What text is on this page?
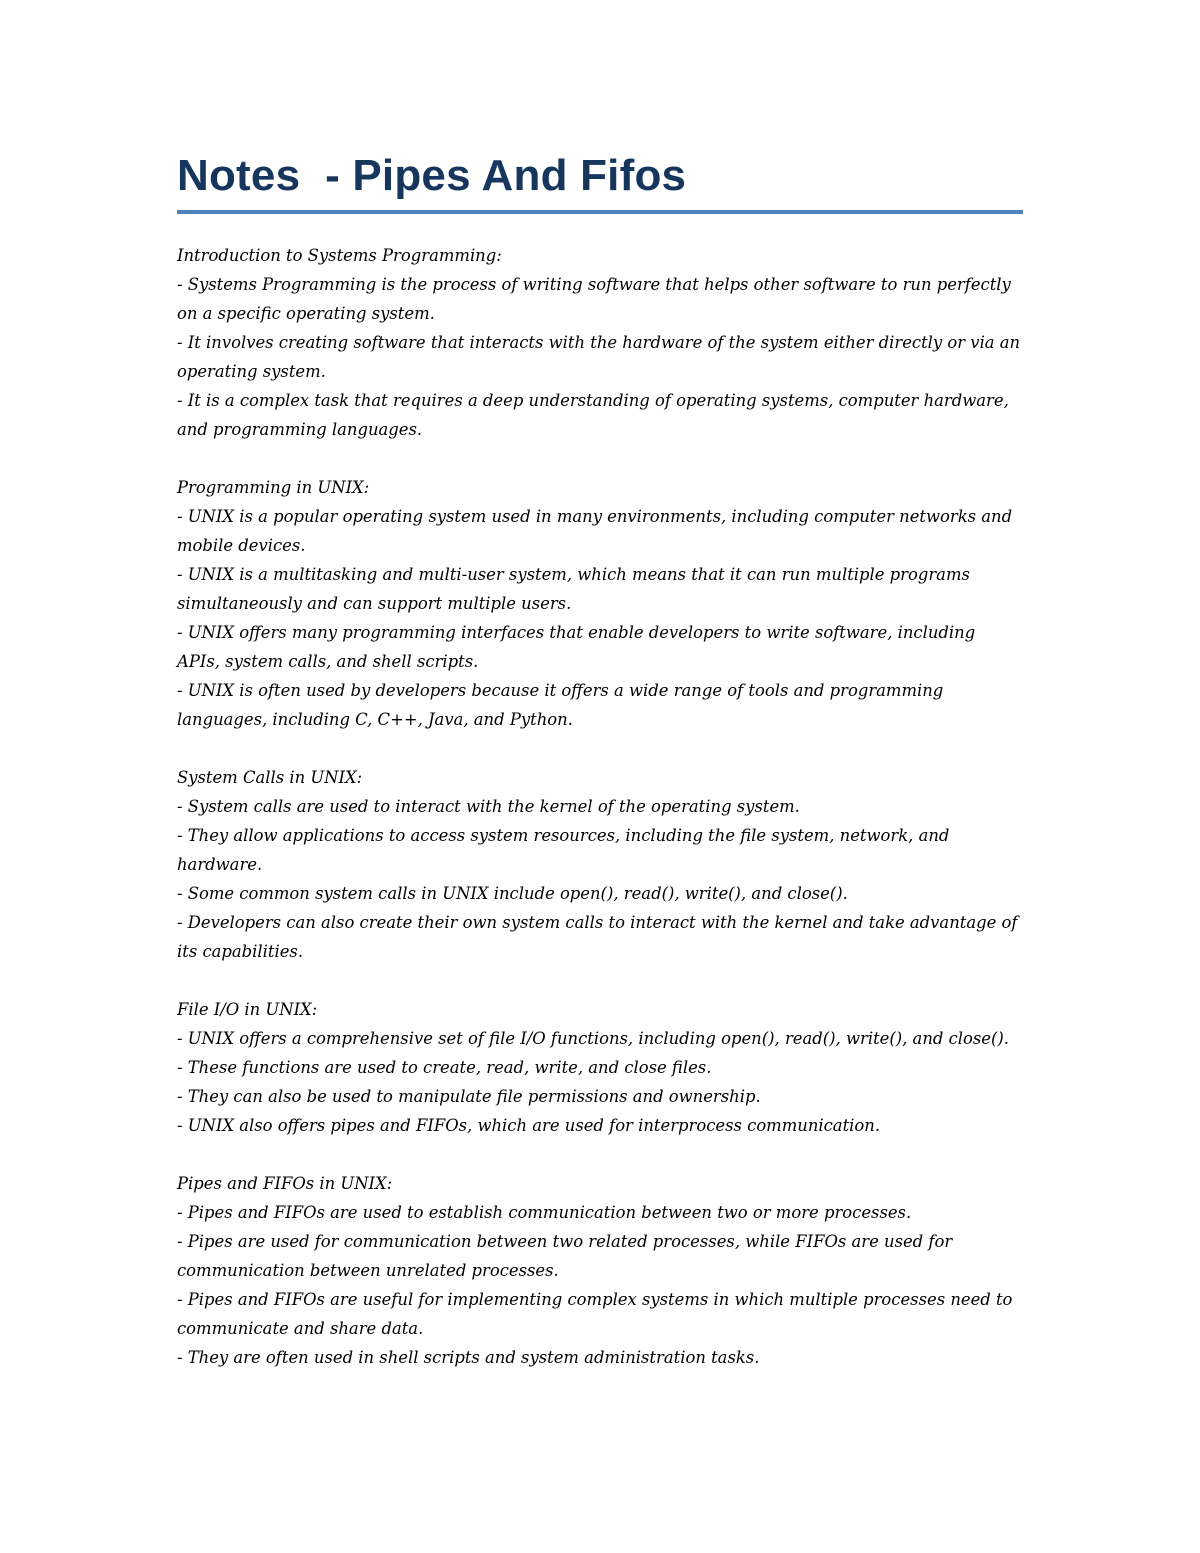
Notes  - Pipes And Fifos

Introduction to Systems Programming:

- Systems Programming is the process of writing software that helps other software to run perfectly on a specific operating system.

- It involves creating software that interacts with the hardware of the system either directly or via an operating system.

- It is a complex task that requires a deep understanding of operating systems, computer hardware, and programming languages.

Programming in UNIX:

- UNIX is a popular operating system used in many environments, including computer networks and mobile devices.

- UNIX is a multitasking and multi-user system, which means that it can run multiple programs simultaneously and can support multiple users.

- UNIX offers many programming interfaces that enable developers to write software, including APIs, system calls, and shell scripts.

- UNIX is often used by developers because it offers a wide range of tools and programming languages, including C, C++, Java, and Python.

System Calls in UNIX:

- System calls are used to interact with the kernel of the operating system.

- They allow applications to access system resources, including the file system, network, and hardware.

- Some common system calls in UNIX include open(), read(), write(), and close().

- Developers can also create their own system calls to interact with the kernel and take advantage of its capabilities.

File I/O in UNIX:

- UNIX offers a comprehensive set of file I/O functions, including open(), read(), write(), and close().

- These functions are used to create, read, write, and close files.

- They can also be used to manipulate file permissions and ownership.

- UNIX also offers pipes and FIFOs, which are used for interprocess communication.

Pipes and FIFOs in UNIX:

- Pipes and FIFOs are used to establish communication between two or more processes.

- Pipes are used for communication between two related processes, while FIFOs are used for communication between unrelated processes.

- Pipes and FIFOs are useful for implementing complex systems in which multiple processes need to communicate and share data.

- They are often used in shell scripts and system administration tasks.
